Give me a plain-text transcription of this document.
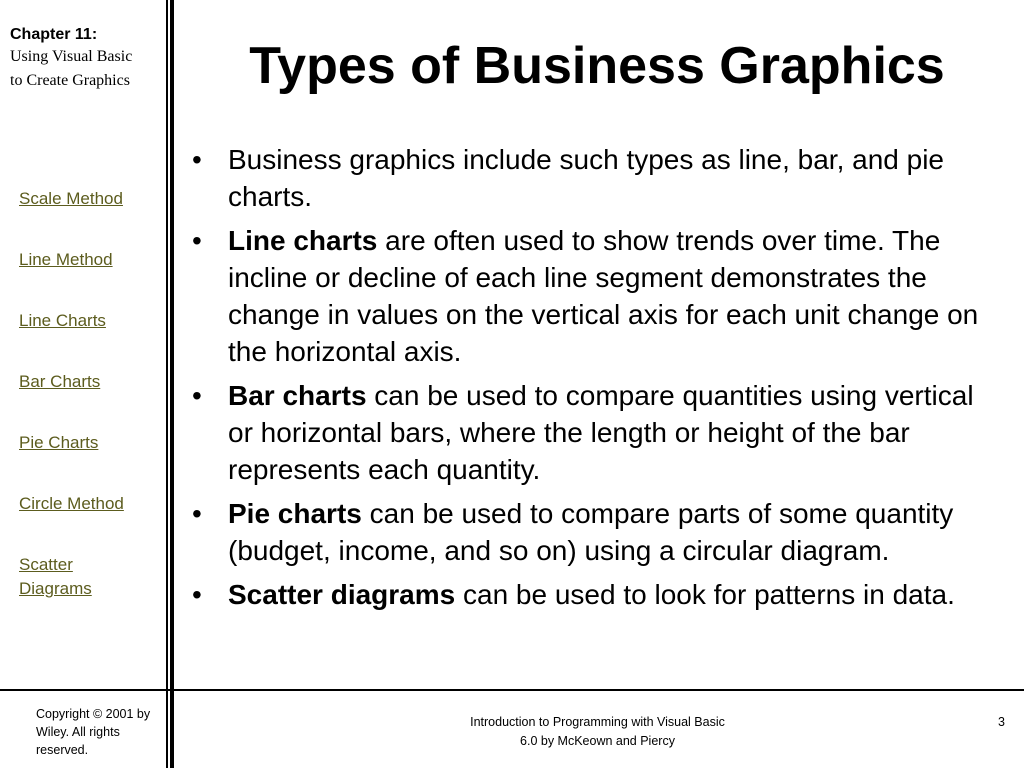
Chapter 11:
Using Visual Basic to Create Graphics
Scale Method
Line Method
Line Charts
Bar Charts
Pie Charts
Circle Method
Scatter Diagrams
Types of Business Graphics
• Business graphics include such types as line, bar, and pie charts.
• Line charts are often used to show trends over time. The incline or decline of each line segment demonstrates the change in values on the vertical axis for each unit change on the horizontal axis.
• Bar charts can be used to compare quantities using vertical or horizontal bars, where the length or height of the bar represents each quantity.
• Pie charts can be used to compare parts of some quantity (budget, income, and so on) using a circular diagram.
• Scatter diagrams can be used to look for patterns in data.
Copyright © 2001 by Wiley. All rights reserved.
Introduction to Programming with Visual Basic
6.0 by McKeown and Piercy
3
